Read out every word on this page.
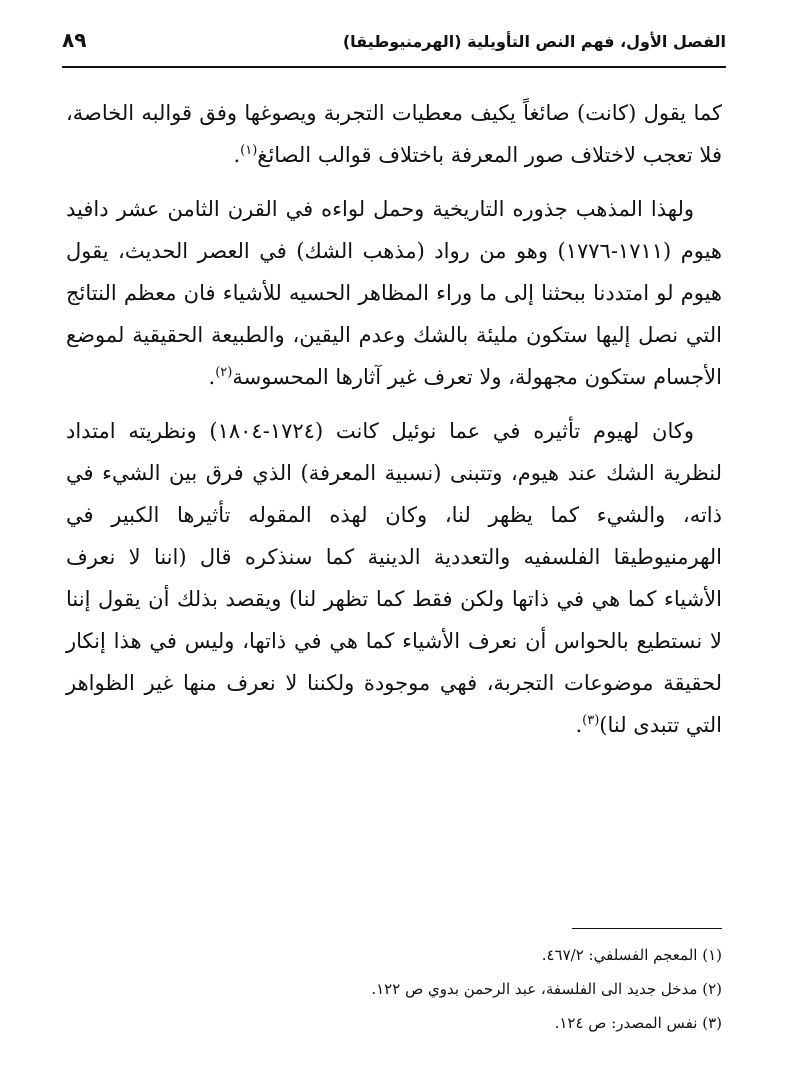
الفصل الأول، فهم النص التأويلية (الهرمنيوطيقا)
٨٩

كما يقول (كانت) صائغاً يكيف معطيات التجربة ويصوغها وفق قوالبه الخاصة، فلا تعجب لاختلاف صور المعرفة باختلاف قوالب الصائغ$^{(١)}$.

ولهذا المذهب جذوره التاريخية وحمل لواءه في القرن الثامن عشر دافيد هيوم (١٧١١-١٧٧٦) وهو من رواد (مذهب الشك) في العصر الحديث، يقول هيوم لو امتددنا ببحثنا إلى ما وراء المظاهر الحسيه للأشياء فان معظم النتائج التي نصل إليها ستكون مليئة بالشك وعدم اليقين، والطبيعة الحقيقية لموضع الأجسام ستكون مجهولة، ولا تعرف غير آثارها المحسوسة$^{(٢)}$.

وكان لهيوم تأثيره في عما نوئيل كانت (١٧٢٤-١٨٠٤) ونظريته امتداد لنظرية الشك عند هيوم، وتتبنى (نسبية المعرفة) الذي فرق بين الشيء في ذاته، والشيء كما يظهر لنا، وكان لهذه المقوله تأثيرها الكبير في الهرمنيوطيقا الفلسفيه والتعددية الدينية كما سنذكره قال (اننا لا نعرف الأشياء كما هي في ذاتها ولكن فقط كما تظهر لنا) ويقصد بذلك أن يقول إننا لا نستطيع بالحواس أن نعرف الأشياء كما هي في ذاتها، وليس في هذا إنكار لحقيقة موضوعات التجربة، فهي موجودة ولكننا لا نعرف منها غير الظواهر التي تتبدى لنا)$^{(٣)}$.

(١) المعجم الفسلفي: ٤٦٧/٢.

(٢) مدخل جديد الى الفلسفة، عبد الرحمن بدوي ص ١٢٢.

(٣) نفس المصدر: ص ١٢٤.
